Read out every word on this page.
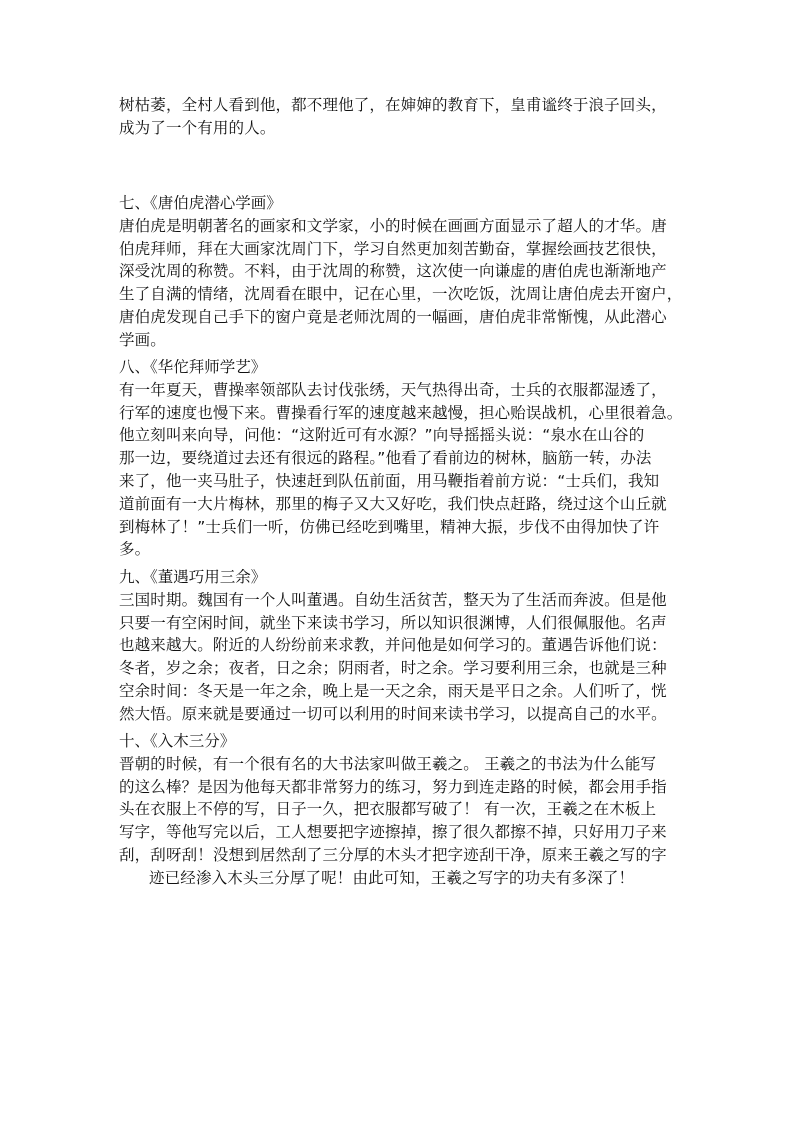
树枯萎，全村人看到他，都不理他了，在婶婶的教育下，皇甫谧终于浪子回头，
成为了一个有用的人。
七、《唐伯虎潜心学画》
唐伯虎是明朝著名的画家和文学家，小的时候在画画方面显示了超人的才华。唐
伯虎拜师，拜在大画家沈周门下，学习自然更加刻苦勤奋，掌握绘画技艺很快，
深受沈周的称赞。不料，由于沈周的称赞，这次使一向谦虚的唐伯虎也渐渐地产
生了自满的情绪，沈周看在眼中，记在心里，一次吃饭，沈周让唐伯虎去开窗户，
唐伯虎发现自己手下的窗户竟是老师沈周的一幅画，唐伯虎非常惭愧，从此潜心
学画。
八、《华佗拜师学艺》
有一年夏天，曹操率领部队去讨伐张绣，天气热得出奇，士兵的衣服都湿透了，
行军的速度也慢下来。曹操看行军的速度越来越慢，担心贻误战机，心里很着急。
他立刻叫来向导，问他：“这附近可有水源？”向导摇摇头说：“泉水在山谷的
那一边，要绕道过去还有很远的路程。”他看了看前边的树林，脑筋一转，办法
来了，他一夹马肚子，快速赶到队伍前面，用马鞭指着前方说：“士兵们，我知
道前面有一大片梅林，那里的梅子又大又好吃，我们快点赶路，绕过这个山丘就
到梅林了！”士兵们一听，仿佛已经吃到嘴里，精神大振，步伐不由得加快了许
多。
九、《董遇巧用三余》
三国时期。魏国有一个人叫董遇。自幼生活贫苦，整天为了生活而奔波。但是他
只要一有空闲时间，就坐下来读书学习，所以知识很渊博，人们很佩服他。名声
也越来越大。附近的人纷纷前来求教，并问他是如何学习的。董遇告诉他们说：
冬者，岁之余；夜者，日之余；阴雨者，时之余。学习要利用三余，也就是三种
空余时间：冬天是一年之余，晚上是一天之余，雨天是平日之余。人们听了，恍
然大悟。原来就是要通过一切可以利用的时间来读书学习，以提高自己的水平。
十、《入木三分》
晋朝的时候，有一个很有名的大书法家叫做王羲之。 王羲之的书法为什么能写
的这么棒？是因为他每天都非常努力的练习，努力到连走路的时候，都会用手指
头在衣服上不停的写，日子一久，把衣服都写破了！ 有一次，王羲之在木板上
写字，等他写完以后，工人想要把字迹擦掉，擦了很久都擦不掉，只好用刀子来
刮，刮呀刮！没想到居然刮了三分厚的木头才把字迹刮干净，原来王羲之写的字
迹已经渗入木头三分厚了呢！由此可知，王羲之写字的功夫有多深了！
